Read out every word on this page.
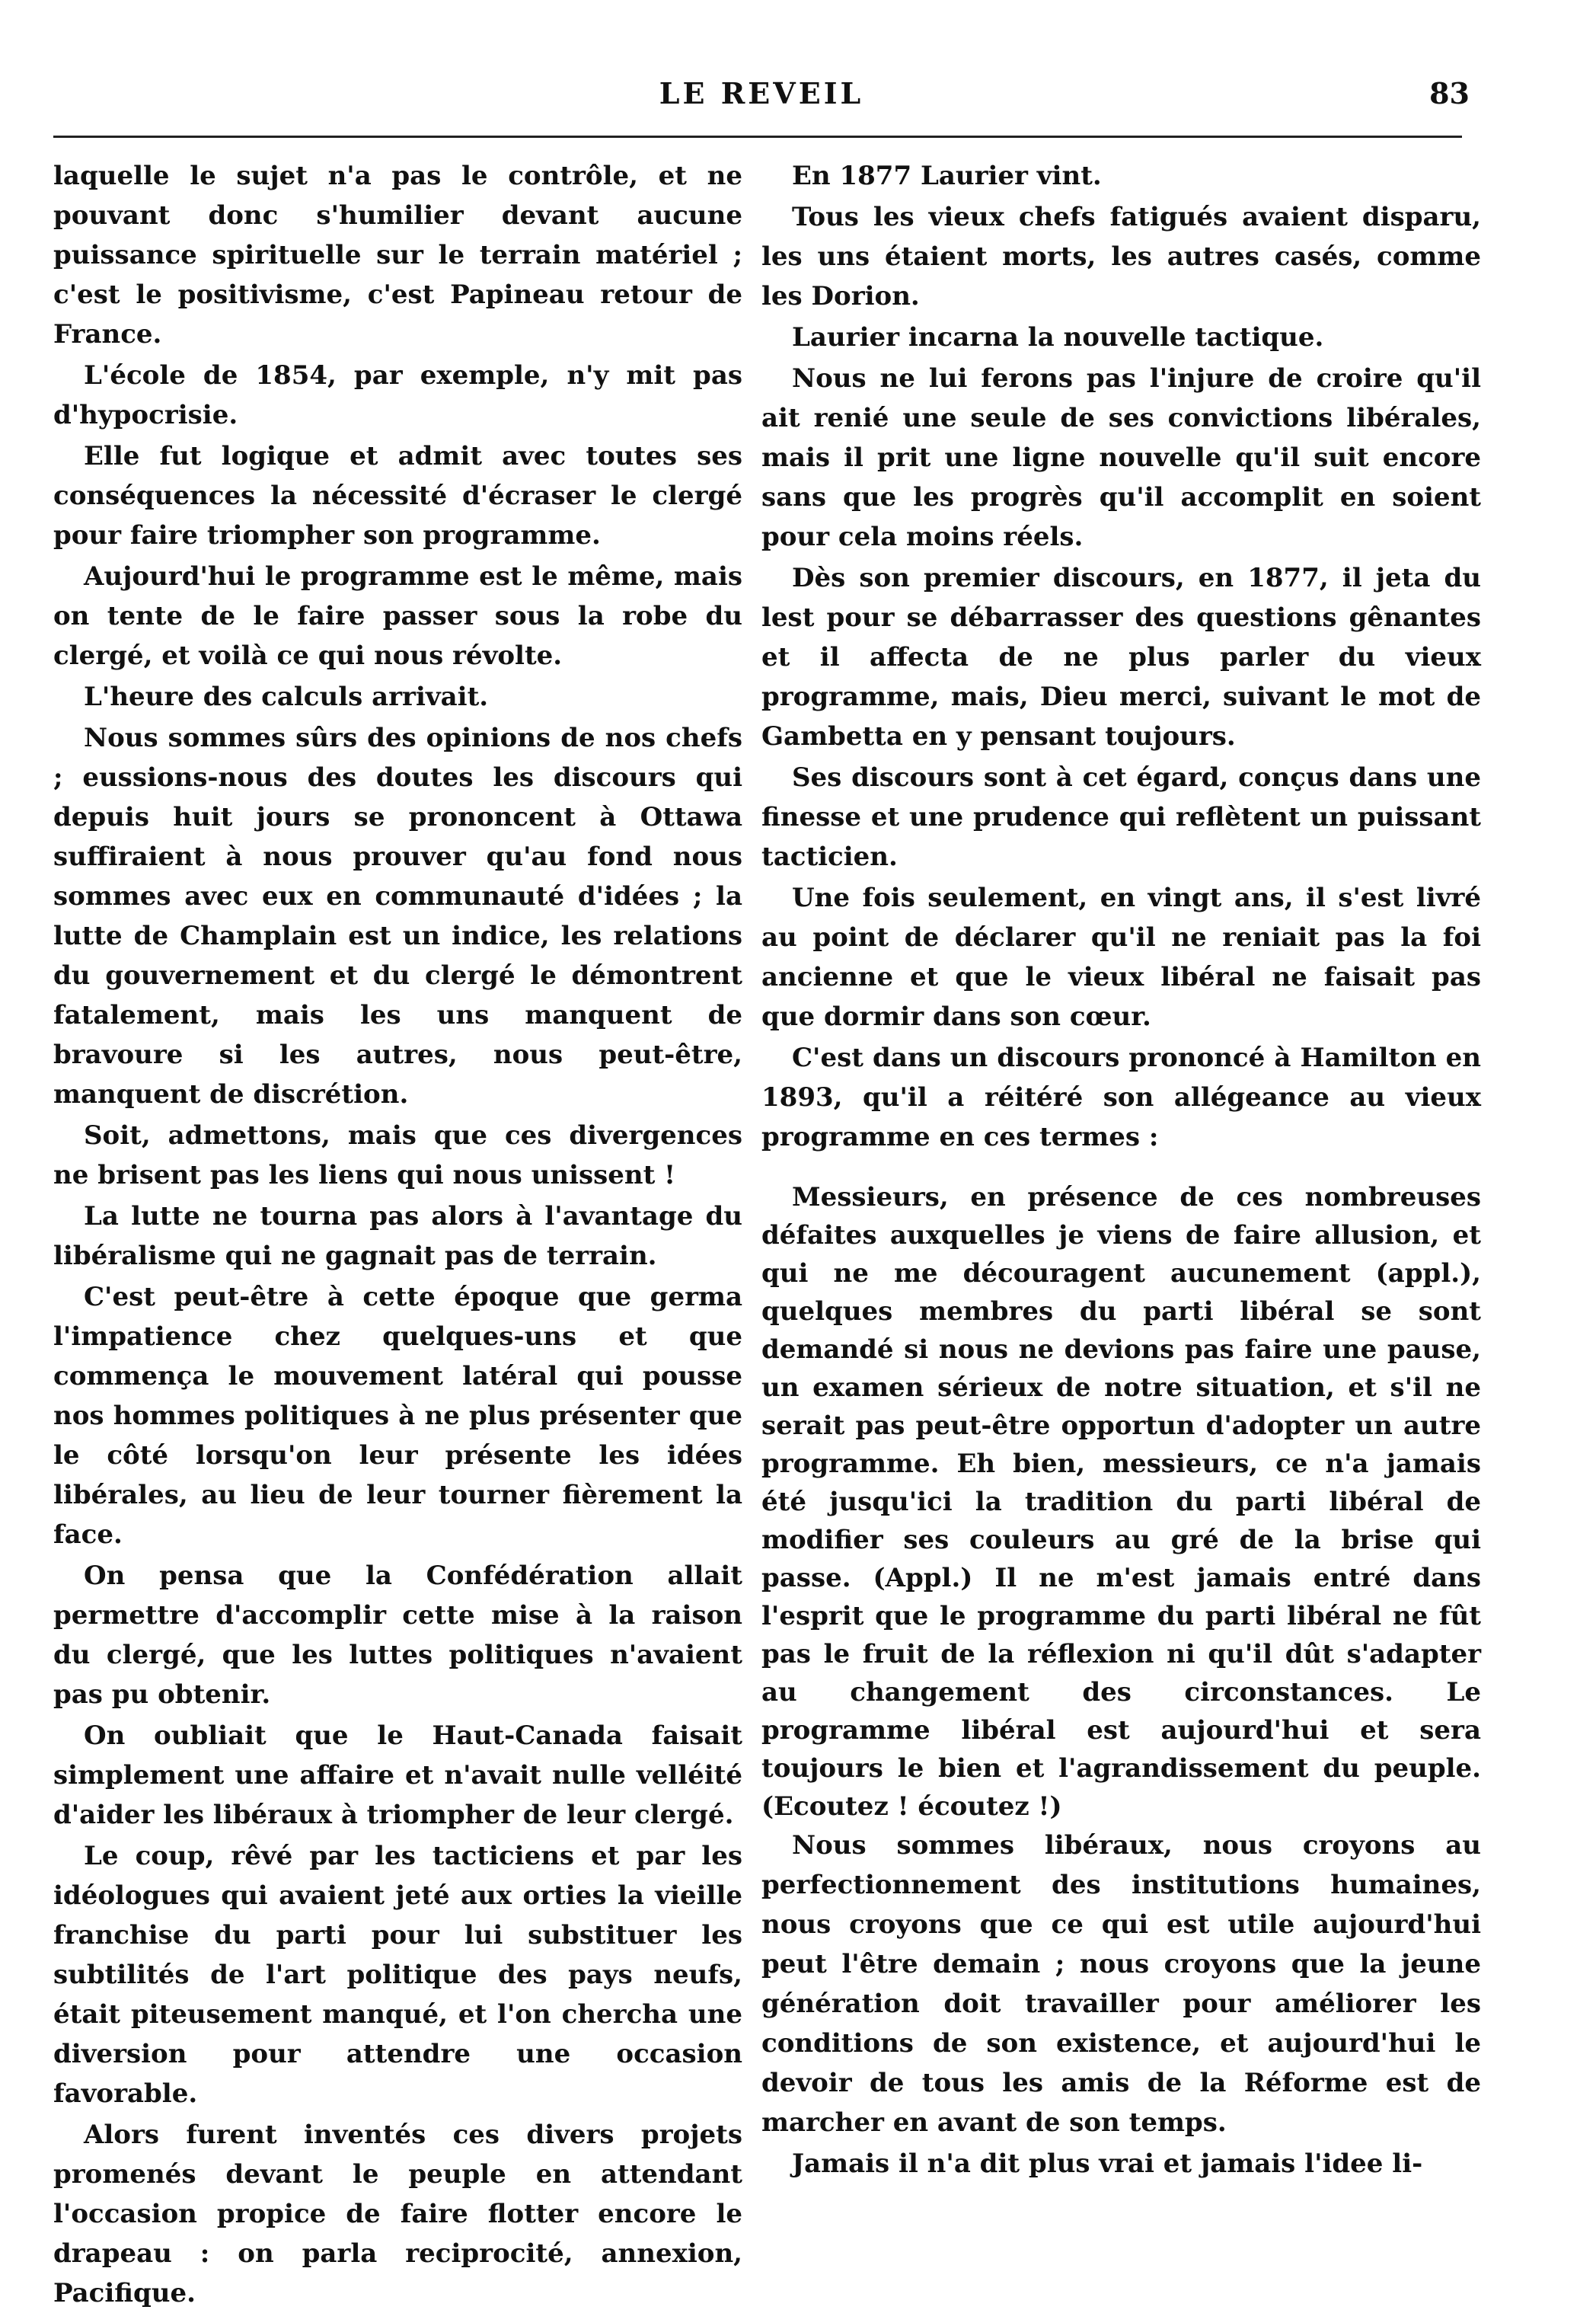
LE REVEIL	83

laquelle le sujet n'a pas le contrôle, et ne pouvant donc s'humilier devant aucune puissance spirituelle sur le terrain matériel ; c'est le positivisme, c'est Papineau retour de France.

L'école de 1854, par exemple, n'y mit pas d'hypocrisie.

Elle fut logique et admit avec toutes ses conséquences la nécessité d'écraser le clergé pour faire triompher son programme.

Aujourd'hui le programme est le même, mais on tente de le faire passer sous la robe du clergé, et voilà ce qui nous révolte.

L'heure des calculs arrivait.

Nous sommes sûrs des opinions de nos chefs ; eussions-nous des doutes les discours qui depuis huit jours se prononcent à Ottawa suffiraient à nous prouver qu'au fond nous sommes avec eux en communauté d'idées ; la lutte de Champlain est un indice, les relations du gouvernement et du clergé le démontrent fatalement, mais les uns manquent de bravoure si les autres, nous peut-être, manquent de discrétion.

Soit, admettons, mais que ces divergences ne brisent pas les liens qui nous unissent !

La lutte ne tourna pas alors à l'avantage du libéralisme qui ne gagnait pas de terrain.

C'est peut-être à cette époque que germa l'impatience chez quelques-uns et que commença le mouvement latéral qui pousse nos hommes politiques à ne plus présenter que le côté lorsqu'on leur présente les idées libérales, au lieu de leur tourner fièrement la face.

On pensa que la Confédération allait permettre d'accomplir cette mise à la raison du clergé, que les luttes politiques n'avaient pas pu obtenir.

On oubliait que le Haut-Canada faisait simplement une affaire et n'avait nulle velléité d'aider les libéraux à triompher de leur clergé.

Le coup, rêvé par les tacticiens et par les idéologues qui avaient jeté aux orties la vieille franchise du parti pour lui substituer les subtilités de l'art politique des pays neufs, était piteusement manqué, et l'on chercha une diversion pour attendre une occasion favorable.

Alors furent inventés ces divers projets promenés devant le peuple en attendant l'occasion propice de faire flotter encore le drapeau : on parla reciprocité, annexion, Pacifique.

En 1877 Laurier vint.

Tous les vieux chefs fatigués avaient disparu, les uns étaient morts, les autres casés, comme les Dorion.

Laurier incarna la nouvelle tactique.

Nous ne lui ferons pas l'injure de croire qu'il ait renié une seule de ses convictions libérales, mais il prit une ligne nouvelle qu'il suit encore sans que les progrès qu'il accomplit en soient pour cela moins réels.

Dès son premier discours, en 1877, il jeta du lest pour se débarrasser des questions gênantes et il affecta de ne plus parler du vieux programme, mais, Dieu merci, suivant le mot de Gambetta en y pensant toujours.

Ses discours sont à cet égard, conçus dans une finesse et une prudence qui reflètent un puissant tacticien.

Une fois seulement, en vingt ans, il s'est livré au point de déclarer qu'il ne reniait pas la foi ancienne et que le vieux libéral ne faisait pas que dormir dans son cœur.

C'est dans un discours prononcé à Hamilton en 1893, qu'il a réitéré son allégeance au vieux programme en ces termes :

Messieurs, en présence de ces nombreuses défaites auxquelles je viens de faire allusion, et qui ne me découragent aucunement (appl.), quelques membres du parti libéral se sont demandé si nous ne devions pas faire une pause, un examen sérieux de notre situation, et s'il ne serait pas peut-être opportun d'adopter un autre programme. Eh bien, messieurs, ce n'a jamais été jusqu'ici la tradition du parti libéral de modifier ses couleurs au gré de la brise qui passe. (Appl.) Il ne m'est jamais entré dans l'esprit que le programme du parti libéral ne fût pas le fruit de la réflexion ni qu'il dût s'adapter au changement des circonstances. Le programme libéral est aujourd'hui et sera toujours le bien et l'agrandissement du peuple. (Ecoutez ! écoutez !)

Nous sommes libéraux, nous croyons au perfectionnement des institutions humaines, nous croyons que ce qui est utile aujourd'hui peut l'être demain ; nous croyons que la jeune génération doit travailler pour améliorer les conditions de son existence, et aujourd'hui le devoir de tous les amis de la Réforme est de marcher en avant de son temps.

Jamais il n'a dit plus vrai et jamais l'idee li-
